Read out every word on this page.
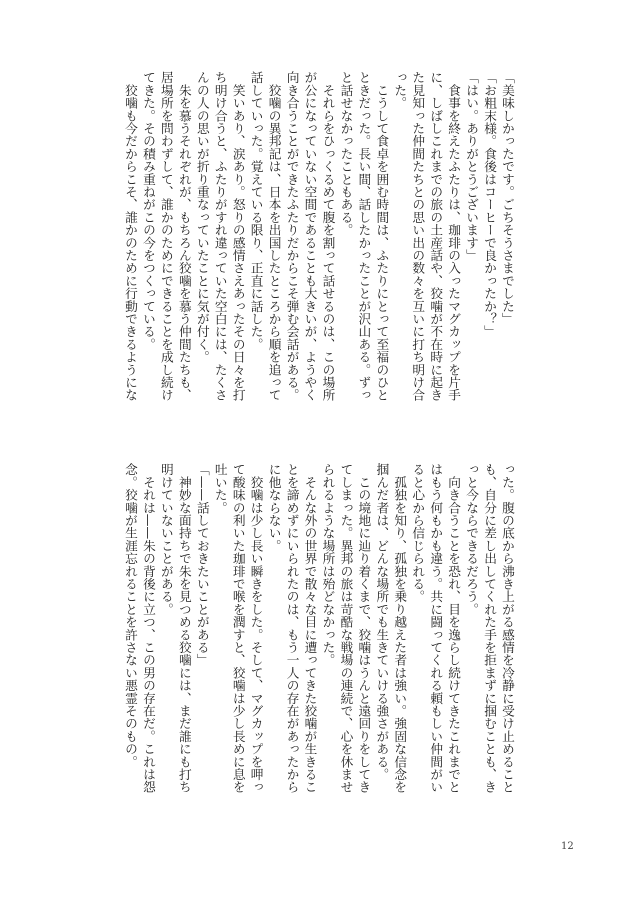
「美味しかったです。ごちそうさまでした」
「お粗末様。食後はコーヒーで良かったか？」
「はい。ありがとうございます」
　食事を終えたふたりは、珈琲の入ったマグカップを片手
に、しばしこれまでの旅の土産話や、狡噛が不在時に起き
た見知った仲間たちとの思い出の数々を互いに打ち明け合
った。
　こうして食卓を囲む時間は、ふたりにとって至福のひと
ときだった。長い間、話したかったことが沢山ある。ずっ
と話せなかったこともある。
　それらをひっくるめて腹を割って話せるのは、この場所
が公になっていない空間であることも大きいが、ようやく
向き合うことができたふたりだからこそ弾む会話がある。
　狡噛の異邦記は、日本を出国したところから順を追って
話していった。覚えている限り、正直に話した。
　笑いあり、涙あり。怒りの感情さえあったその日々を打
ち明け合うと、ふたりがすれ違っていた空白には、たくさ
んの人の思いが折り重なっていたことに気が付く。
　朱を慕うそれぞれが、もちろん狡噛を慕う仲間たちも、
居場所を問わずして、誰かのためにできることを成し続け
てきた。その積み重ねがこの今をつくっている。
　狡噛も今だからこそ、誰かのために行動できるようにな
った。腹の底から沸き上がる感情を冷静に受け止めること
も、自分に差し出してくれた手を拒まずに掴むことも、き
っと今ならできるだろう。
　向き合うことを恐れ、目を逸らし続けてきたこれまでと
はもう何もかも違う。共に闘ってくれる頼もしい仲間がい
ると心から信じられる。
　孤独を知り、孤独を乗り越えた者は強い。強固な信念を
掴んだ者は、どんな場所でも生きていける強さがある。
　この境地に辿り着くまで、狡噛はうんと遠回りをしてき
てしまった。異邦の旅は苛酷な戦場の連続で、心を休ませ
られるような場所は殆どなかった。
　そんな外の世界で散々な目に遭ってきた狡噛が生きるこ
とを諦めずにいられたのは、もう一人の存在があったから
に他ならない。
　狡噛は少し長い瞬きをした。そして、マグカップを呷っ
て酸味の利いた珈琲で喉を潤すと、狡噛は少し長めに息を
吐いた。
「——話しておきたいことがある」
　神妙な面持ちで朱を見つめる狡噛には、まだ誰にも打ち
明けていないことがある。
　それは——朱の背後に立つ、この男の存在だ。これは怨
念。狡噛が生涯忘れることを許さない悪霊そのもの。
12
